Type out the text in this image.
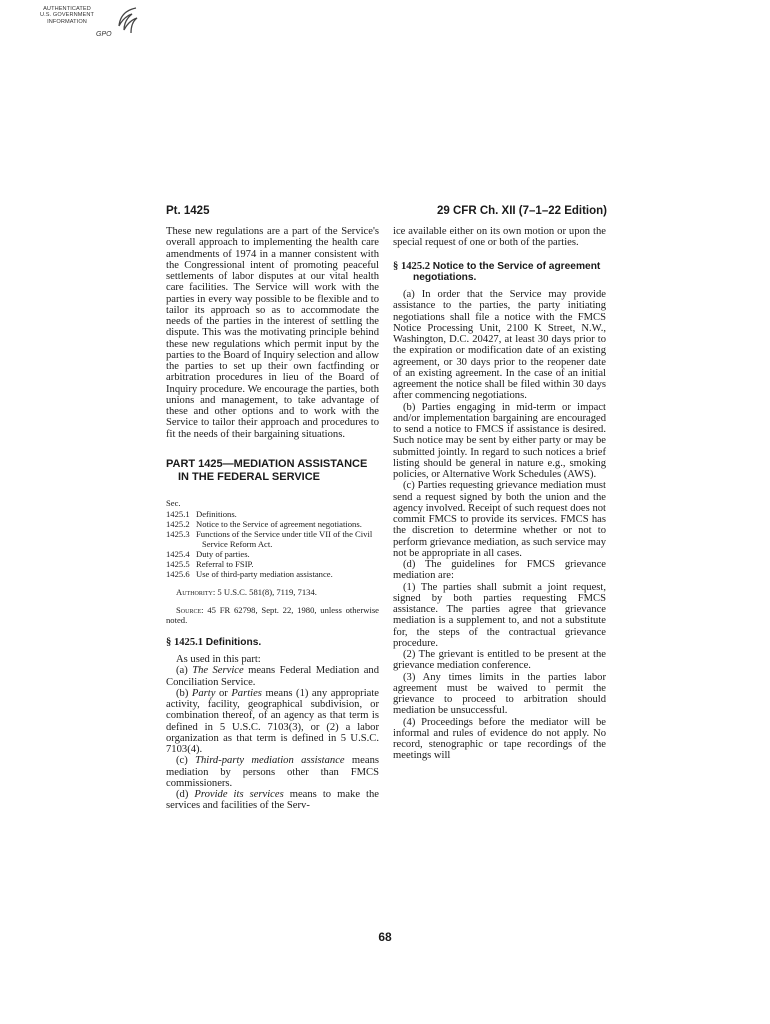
AUTHENTICATED
U.S. GOVERNMENT
INFORMATION
GPO
Pt. 1425	29 CFR Ch. XII (7–1–22 Edition)

These new regulations are a part of the Service's overall approach to implementing the health care amendments of 1974 in a manner consistent with the Congressional intent of promoting peaceful settlements of labor disputes at our vital health care facilities. The Service will work with the parties in every way possible to be flexible and to tailor its approach so as to accommodate the needs of the parties in the interest of settling the dispute. This was the motivating principle behind these new regulations which permit input by the parties to the Board of Inquiry selection and allow the parties to set up their own factfinding or arbitration procedures in lieu of the Board of Inquiry procedure. We encourage the parties, both unions and management, to take advantage of these and other options and to work with the Service to tailor their approach and procedures to fit the needs of their bargaining situations.

PART 1425—MEDIATION ASSISTANCE IN THE FEDERAL SERVICE
Sec.
1425.1 Definitions.
1425.2 Notice to the Service of agreement negotiations.
1425.3 Functions of the Service under title VII of the Civil Service Reform Act.
1425.4 Duty of parties.
1425.5 Referral to FSIP.
1425.6 Use of third-party mediation assistance.

Authority: 5 U.S.C. 581(8), 7119, 7134.

Source: 45 FR 62798, Sept. 22, 1980, unless otherwise noted.

§ 1425.1 Definitions.

As used in this part:

(a) The Service means Federal Mediation and Conciliation Service.

(b) Party or Parties means (1) any appropriate activity, facility, geographical subdivision, or combination thereof, of an agency as that term is defined in 5 U.S.C. 7103(3), or (2) a labor organization as that term is defined in 5 U.S.C. 7103(4).

(c) Third-party mediation assistance means mediation by persons other than FMCS commissioners.

(d) Provide its services means to make the services and facilities of the Serv-

ice available either on its own motion or upon the special request of one or both of the parties.

§ 1425.2 Notice to the Service of agreement negotiations.

(a) In order that the Service may provide assistance to the parties, the party initiating negotiations shall file a notice with the FMCS Notice Processing Unit, 2100 K Street, N.W., Washington, D.C. 20427, at least 30 days prior to the expiration or modification date of an existing agreement, or 30 days prior to the reopener date of an existing agreement. In the case of an initial agreement the notice shall be filed within 30 days after commencing negotiations.

(b) Parties engaging in mid-term or impact and/or implementation bargaining are encouraged to send a notice to FMCS if assistance is desired. Such notice may be sent by either party or may be submitted jointly. In regard to such notices a brief listing should be general in nature e.g., smoking policies, or Alternative Work Schedules (AWS).

(c) Parties requesting grievance mediation must send a request signed by both the union and the agency involved. Receipt of such request does not commit FMCS to provide its services. FMCS has the discretion to determine whether or not to perform grievance mediation, as such service may not be appropriate in all cases.

(d) The guidelines for FMCS grievance mediation are:

(1) The parties shall submit a joint request, signed by both parties requesting FMCS assistance. The parties agree that grievance mediation is a supplement to, and not a substitute for, the steps of the contractual grievance procedure.

(2) The grievant is entitled to be present at the grievance mediation conference.

(3) Any times limits in the parties labor agreement must be waived to permit the grievance to proceed to arbitration should mediation be unsuccessful.

(4) Proceedings before the mediator will be informal and rules of evidence do not apply. No record, stenographic or tape recordings of the meetings will

68
